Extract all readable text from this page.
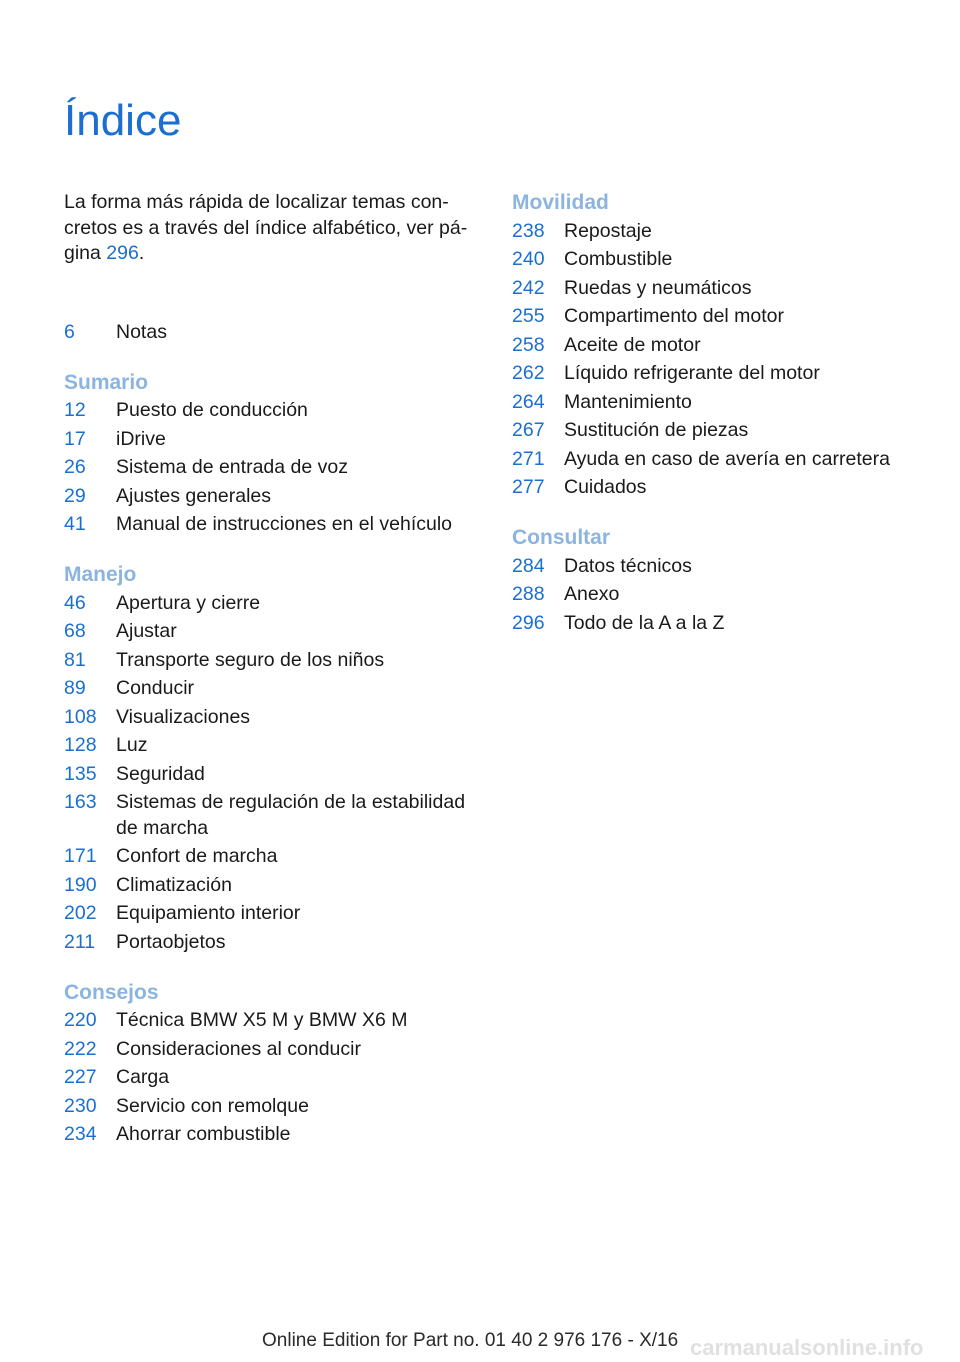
Índice

La forma más rápida de localizar temas con-cretos es a través del índice alfabético, ver pá-gina 296.

6	Notas
Sumario
12	Puesto de conducción
17	iDrive
26	Sistema de entrada de voz
29	Ajustes generales
41	Manual de instrucciones en el vehículo
Manejo
46	Apertura y cierre
68	Ajustar
81	Transporte seguro de los niños
89	Conducir
108 Visualizaciones
128 Luz
135 Seguridad
163 Sistemas de regulación de la estabilidad de marcha
171 Confort de marcha
190 Climatización
202 Equipamiento interior
211	Portaobjetos
Consejos
220 Técnica BMW X5 M y BMW X6 M
222 Consideraciones al conducir
227 Carga
230 Servicio con remolque
234 Ahorrar combustible
Movilidad
238 Repostaje
240 Combustible
242 Ruedas y neumáticos
255 Compartimento del motor
258 Aceite de motor
262 Líquido refrigerante del motor
264 Mantenimiento
267 Sustitución de piezas
271 Ayuda en caso de avería en carretera
277 Cuidados
Consultar
284 Datos técnicos
288 Anexo
296 Todo de la A a la Z
Online Edition for Part no. 01 40 2 976 176 - X/16 carmanualsonline.info
